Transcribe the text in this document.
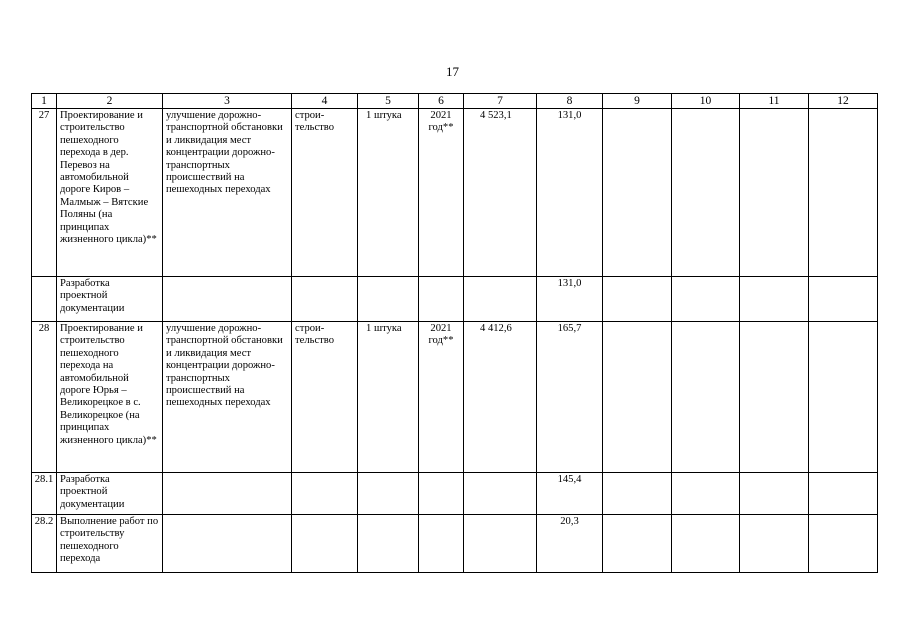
17
1	2	3	4	5	6	7	8	9	10	11	12
27	Проектирование и строительство пешеходного перехода в дер. Перевоз на автомобильной дороге Киров – Малмыж – Вятские Поляны (на принципах жизненного цикла)**	улучшение дорожно-транспортной обстановки и ликвидация мест концентрации дорожно-транспортных происшествий на пешеходных переходах	строи-тельство	1 штука	2021 год**	4 523,1	131,0				
	Разработка проектной документации						131,0				
28	Проектирование и строительство пешеходного перехода на автомобильной дороге Юрья – Великорецкое в с. Великорецкое (на принципах жизненного цикла)**	улучшение дорожно-транспортной обстановки и ликвидация мест концентрации дорожно-транспортных происшествий на пешеходных переходах	строи-тельство	1 штука	2021 год**	4 412,6	165,7				
28.1	Разработка проектной документации						145,4				
28.2	Выполнение работ по строительству пешеходного перехода						20,3				
